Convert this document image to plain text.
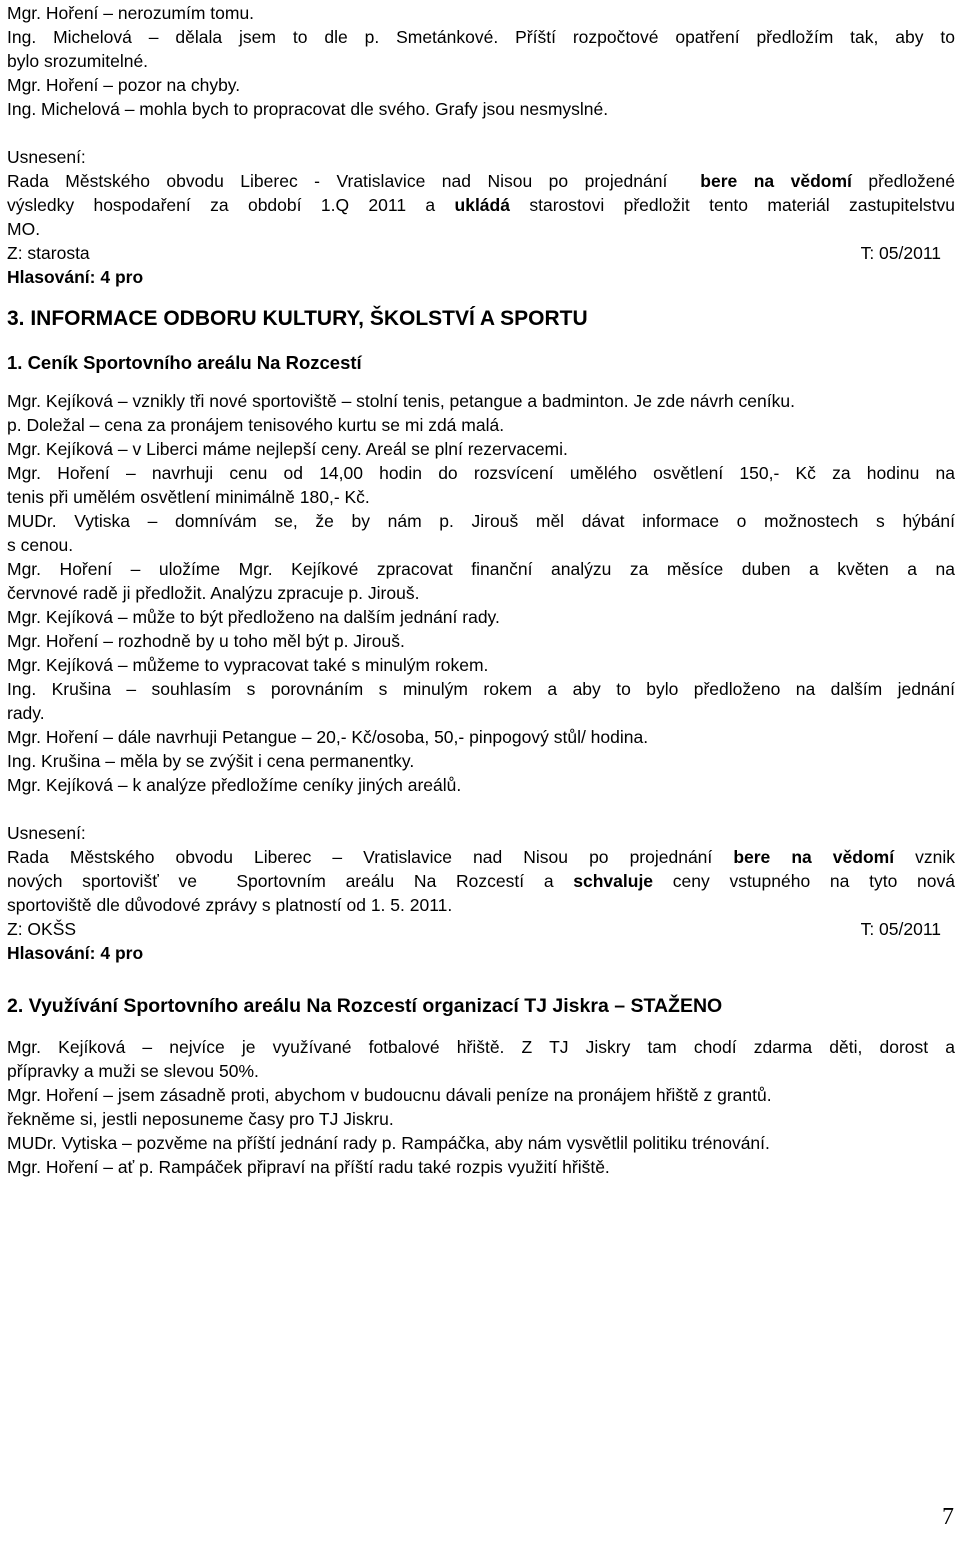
Mgr. Hoření – nerozumím tomu.

Ing. Michelová – dělala jsem to dle p. Smetánkové. Příští rozpočtové opatření předložím tak, aby to

bylo srozumitelné.

Mgr. Hoření – pozor na chyby.

Ing. Michelová – mohla bych to propracovat dle svého. Grafy jsou nesmyslné.

Usnesení:

Rada Městského obvodu Liberec - Vratislavice nad Nisou po projednání bere na vědomí předložené

výsledky hospodaření za období 1.Q 2011 a ukládá starostovi předložit tento materiál zastupitelstvu

MO.

Z: starosta	T: 05/2011

Hlasování: 4 pro

3. INFORMACE ODBORU KULTURY, ŠKOLSTVÍ A SPORTU

1. Ceník Sportovního areálu Na Rozcestí

Mgr. Kejíková – vznikly tři nové sportoviště – stolní tenis, petangue a badminton. Je zde návrh ceníku.

p. Doležal – cena za pronájem tenisového kurtu se mi zdá malá.

Mgr. Kejíková – v Liberci máme nejlepší ceny. Areál se plní rezervacemi.

Mgr. Hoření – navrhuji cenu od 14,00 hodin do rozsvícení umělého osvětlení 150,- Kč za hodinu na

tenis při umělém osvětlení minimálně 180,- Kč.

MUDr. Vytiska – domnívám se, že by nám p. Jirouš měl dávat informace o možnostech s hýbání

s cenou.

Mgr. Hoření – uložíme Mgr. Kejíkové zpracovat finanční analýzu za měsíce duben a květen a na

červnové radě ji předložit. Analýzu zpracuje p. Jirouš.

Mgr. Kejíková – může to být předloženo na dalším jednání rady.

Mgr. Hoření – rozhodně by u toho měl být p. Jirouš.

Mgr. Kejíková – můžeme to vypracovat také s minulým rokem.

Ing. Krušina – souhlasím s porovnáním s minulým rokem a aby to bylo předloženo na dalším jednání

rady.

Mgr. Hoření – dále navrhuji Petangue – 20,- Kč/osoba, 50,- pinpogový stůl/ hodina.

Ing. Krušina – měla by se zvýšit i cena permanentky.

Mgr. Kejíková – k analýze předložíme ceníky jiných areálů.

Usnesení:

Rada Městského obvodu Liberec – Vratislavice nad Nisou po projednání bere na vědomí vznik

nových sportovišť ve  Sportovním areálu Na Rozcestí a schvaluje ceny vstupného na tyto nová

sportoviště dle důvodové zprávy s platností od 1. 5. 2011.

Z: OKŠS	T: 05/2011

Hlasování: 4 pro

2. Využívání Sportovního areálu Na Rozcestí organizací TJ Jiskra – STAŽENO

Mgr. Kejíková – nejvíce je využívané fotbalové hřiště. Z TJ Jiskry tam chodí zdarma děti, dorost a

přípravky a muži se slevou 50%.

Mgr. Hoření – jsem zásadně proti, abychom v budoucnu dávali peníze na pronájem hřiště z grantů.

řekněme si, jestli neposuneme časy pro TJ Jiskru.

MUDr. Vytiska – pozvěme na příští jednání rady p. Rampáčka, aby nám vysvětlil politiku trénování.

Mgr. Hoření – ať p. Rampáček připraví na příští radu také rozpis využití hřiště.

7
